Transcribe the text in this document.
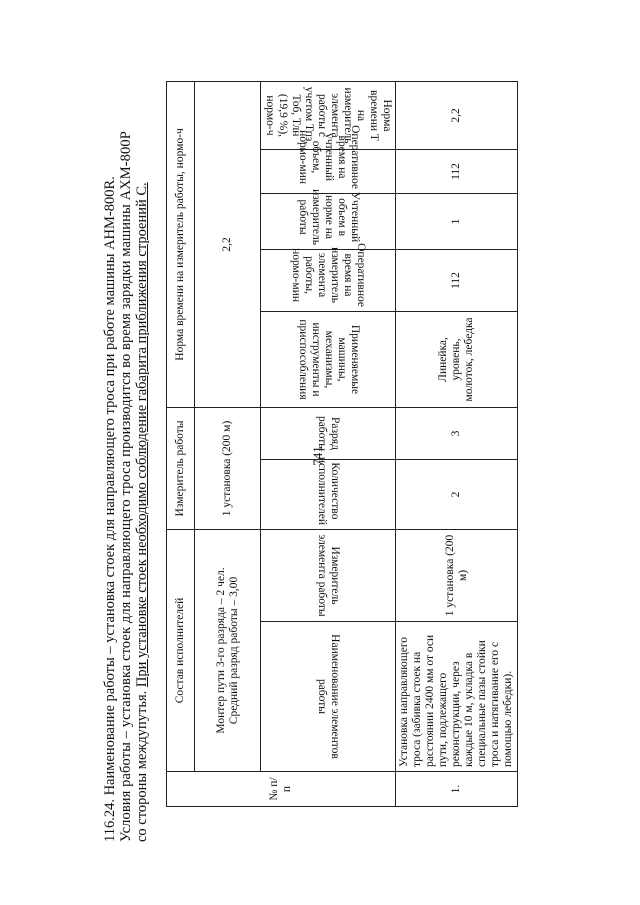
741

116.24. Наименование работы – установка стоек для направляющего троса при работе машины АНМ-800R. Условия работы – установка стоек для направляющего троса производится во время зарядки машины АХМ-800Р со стороны междупутья. При установке стоек необходимо соблюдение габарита приближения строений С.

№ п/п	Состав исполнителей		Измеритель работы		Норма времени на измеритель работы, нормо-ч				

	Монтер пути 3-го разряда – 2 чел. Средний разряд работы – 3,00		1 установка (200 м)		2,2				
	Наименование элементов работы	Измеритель элемента работы	Количество исполнителей	Разряд работы	Применяемые машины, механизмы, инструменты и приспособления	Оперативное время на измеритель элемента работы, нормо-мин	Учтенный объем в норме на измеритель работы	Оперативное время на учтенный объем, нормо-мин	Норма времени Т на измеритель элемента работы с учетом Тпз, Тоб, Тлн (19,9 %), нормо-ч
1.	Установка направляющего троса (забивка стоек на расстоянии 2400 мм от оси пути, подлежащего реконструкции, через каждые 10 м, укладка в специальные пазы стойки троса и натягивание его с помощью лебедки).	1 установка (200 м)	2	3	Линейка, уровень, молоток, лебедка	112	1	112	2,2
